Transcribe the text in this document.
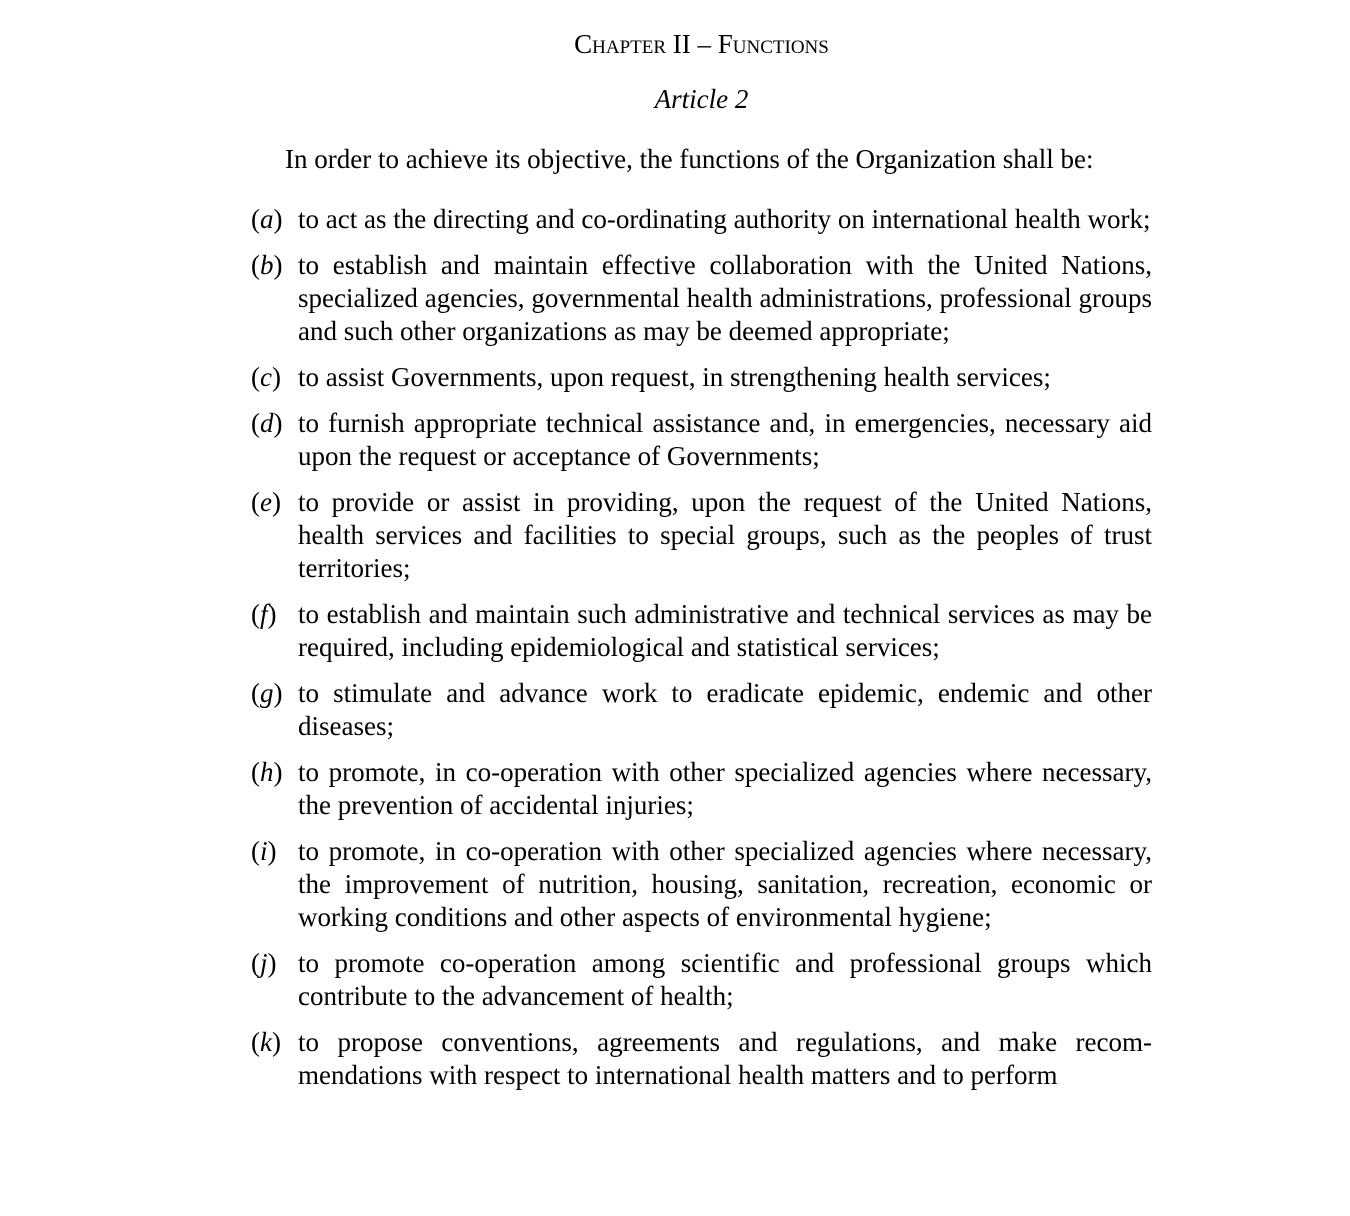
Chapter II – Functions
Article 2

In order to achieve its objective, the functions of the Organization shall be:

(a) to act as the directing and co-ordinating authority on international health work;
(b) to establish and maintain effective collaboration with the United Nations, specialized agencies, governmental health administrations, professional groups and such other organizations as may be deemed appropriate;
(c) to assist Governments, upon request, in strengthening health services;
(d) to furnish appropriate technical assistance and, in emergencies, necessary aid upon the request or acceptance of Governments;
(e) to provide or assist in providing, upon the request of the United Nations, health services and facilities to special groups, such as the peoples of trust territories;
(f) to establish and maintain such administrative and technical services as may be required, including epidemiological and statistical services;
(g) to stimulate and advance work to eradicate epidemic, endemic and other diseases;
(h) to promote, in co-operation with other specialized agencies where necessary, the prevention of accidental injuries;
(i) to promote, in co-operation with other specialized agencies where necessary, the improvement of nutrition, housing, sanitation, recreation, economic or working conditions and other aspects of environmental hygiene;
(j) to promote co-operation among scientific and professional groups which contribute to the advancement of health;
(k) to propose conventions, agreements and regulations, and make recommendations with respect to international health matters and to perform
